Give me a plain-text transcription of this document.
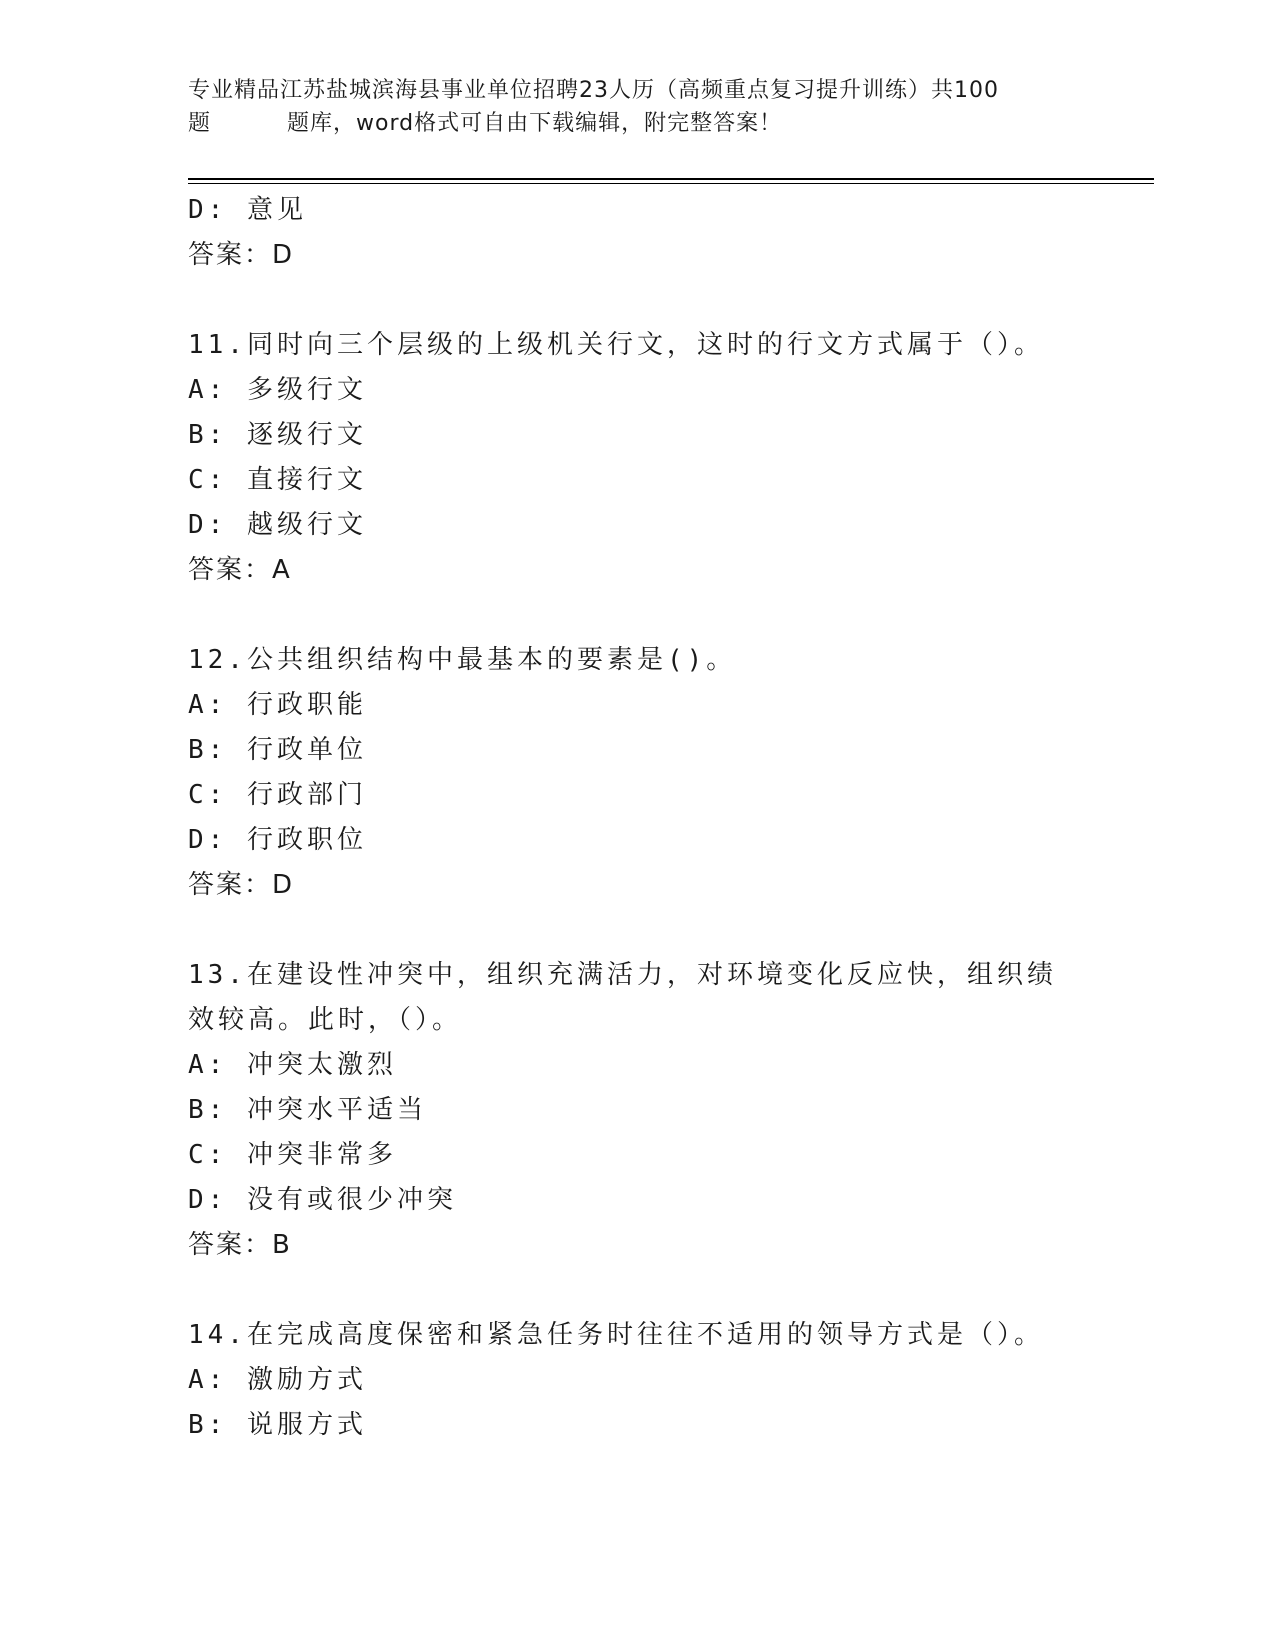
专业精品江苏盐城滨海县事业单位招聘23人历（高频重点复习提升训练）共100
题	题库，word格式可自由下载编辑，附完整答案！
D: 意见
答案：D
11.同时向三个层级的上级机关行文，这时的行文方式属于（）。
A: 多级行文
B: 逐级行文
C: 直接行文
D: 越级行文
答案：A
12.公共组织结构中最基本的要素是()。
A: 行政职能
B: 行政单位
C: 行政部门
D: 行政职位
答案：D
13.在建设性冲突中，组织充满活力，对环境变化反应快，组织绩效较高。此时，（）。
A: 冲突太激烈
B: 冲突水平适当
C: 冲突非常多
D: 没有或很少冲突
答案：B
14.在完成高度保密和紧急任务时往往不适用的领导方式是（）。
A: 激励方式
B: 说服方式
